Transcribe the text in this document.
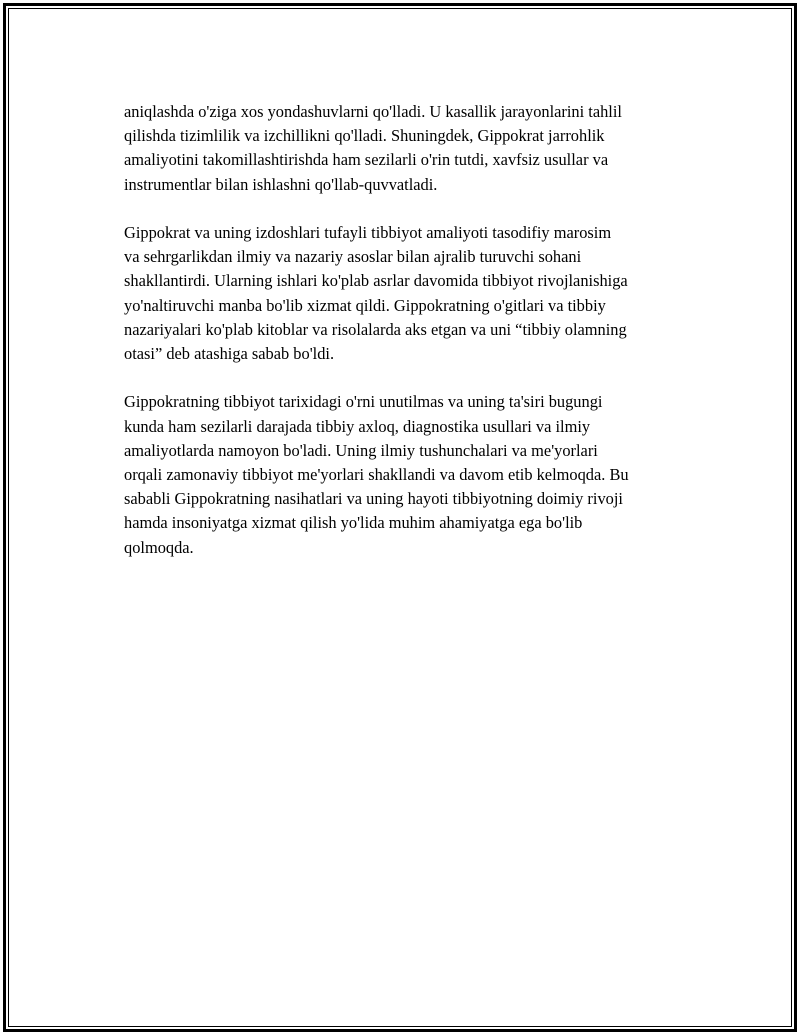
aniqlashda o'ziga xos yondashuvlarni qo'lladi. U kasallik jarayonlarini tahlil
qilishda tizimlilik va izchillikni qo'lladi. Shuningdek, Gippokrat jarrohlik
amaliyotini takomillashtirishda ham sezilarli o'rin tutdi, xavfsiz usullar va
instrumentlar bilan ishlashni qo'llab-quvvatladi.

Gippokrat va uning izdoshlari tufayli tibbiyot amaliyoti tasodifiy marosim
va sehrgarlikdan ilmiy va nazariy asoslar bilan ajralib turuvchi sohani
shakllantirdi. Ularning ishlari ko'plab asrlar davomida tibbiyot rivojlanishiga
yo'naltiruvchi manba bo'lib xizmat qildi. Gippokratning o'gitlari va tibbiy
nazariyalari ko'plab kitoblar va risolalarda aks etgan va uni “tibbiy olamning
otasi” deb atashiga sabab bo'ldi.

Gippokratning tibbiyot tarixidagi o'rni unutilmas va uning ta'siri bugungi
kunda ham sezilarli darajada tibbiy axloq, diagnostika usullari va ilmiy
amaliyotlarda namoyon bo'ladi. Uning ilmiy tushunchalari va me'yorlari
orqali zamonaviy tibbiyot me'yorlari shakllandi va davom etib kelmoqda. Bu
sababli Gippokratning nasihatlari va uning hayoti tibbiyotning doimiy rivoji
hamda insoniyatga xizmat qilish yo'lida muhim ahamiyatga ega bo'lib
qolmoqda.
